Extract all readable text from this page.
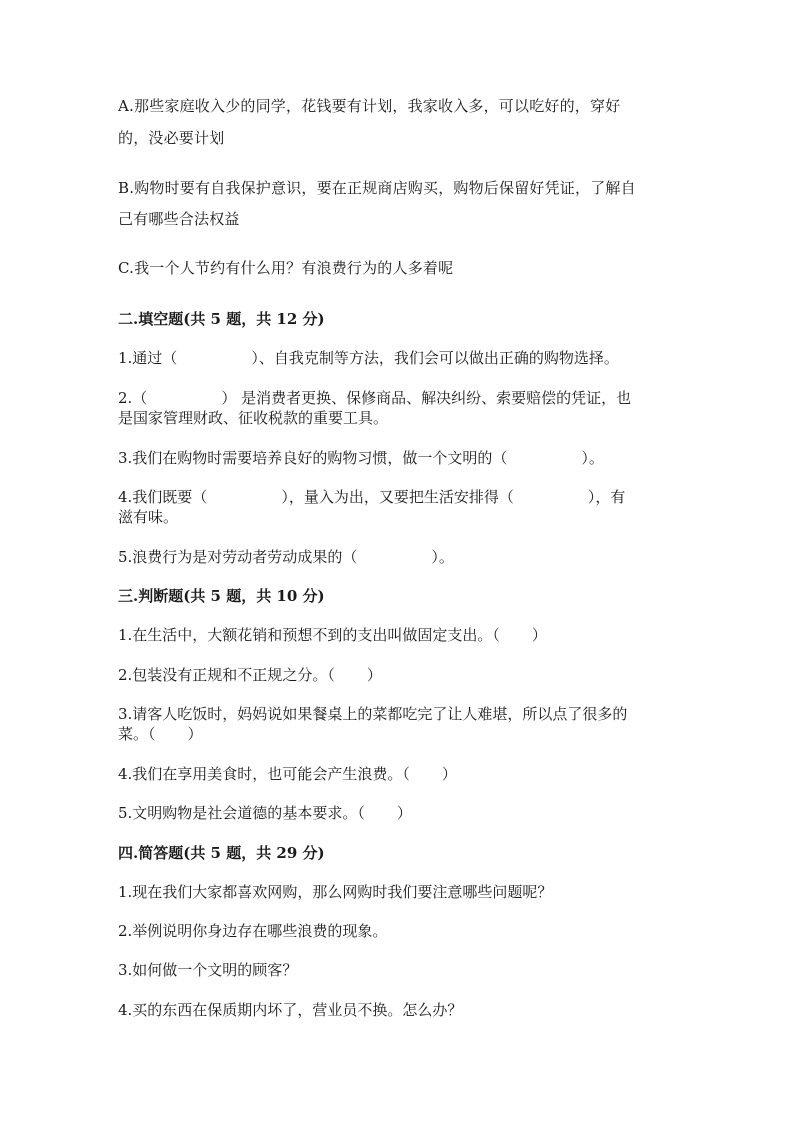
A.那些家庭收入少的同学，花钱要有计划，我家收入多，可以吃好的，穿好
的，没必要计划
B.购物时要有自我保护意识，要在正规商店购买，购物后保留好凭证，了解自
己有哪些合法权益
C.我一个人节约有什么用？有浪费行为的人多着呢
二.填空题(共 5 题，共 12 分)
1.通过（	）、自我克制等方法，我们会可以做出正确的购物选择。
2.（	） 是消费者更换、保修商品、解决纠纷、索要赔偿的凭证，也
是国家管理财政、征收税款的重要工具。
3.我们在购物时需要培养良好的购物习惯，做一个文明的（	）。
4.我们既要（	），量入为出，又要把生活安排得（	），有
滋有味。
5.浪费行为是对劳动者劳动成果的（	）。
三.判断题(共 5 题，共 10 分)
1.在生活中，大额花销和预想不到的支出叫做固定支出。（ ）
2.包装没有正规和不正规之分。（ ）
3.请客人吃饭时，妈妈说如果餐桌上的菜都吃完了让人难堪，所以点了很多的
菜。（ ）
4.我们在享用美食时，也可能会产生浪费。（ ）
5.文明购物是社会道德的基本要求。（ ）
四.简答题(共 5 题，共 29 分)
1.现在我们大家都喜欢网购，那么网购时我们要注意哪些问题呢？
2.举例说明你身边存在哪些浪费的现象。
3.如何做一个文明的顾客？
4.买的东西在保质期内坏了，营业员不换。怎么办？
